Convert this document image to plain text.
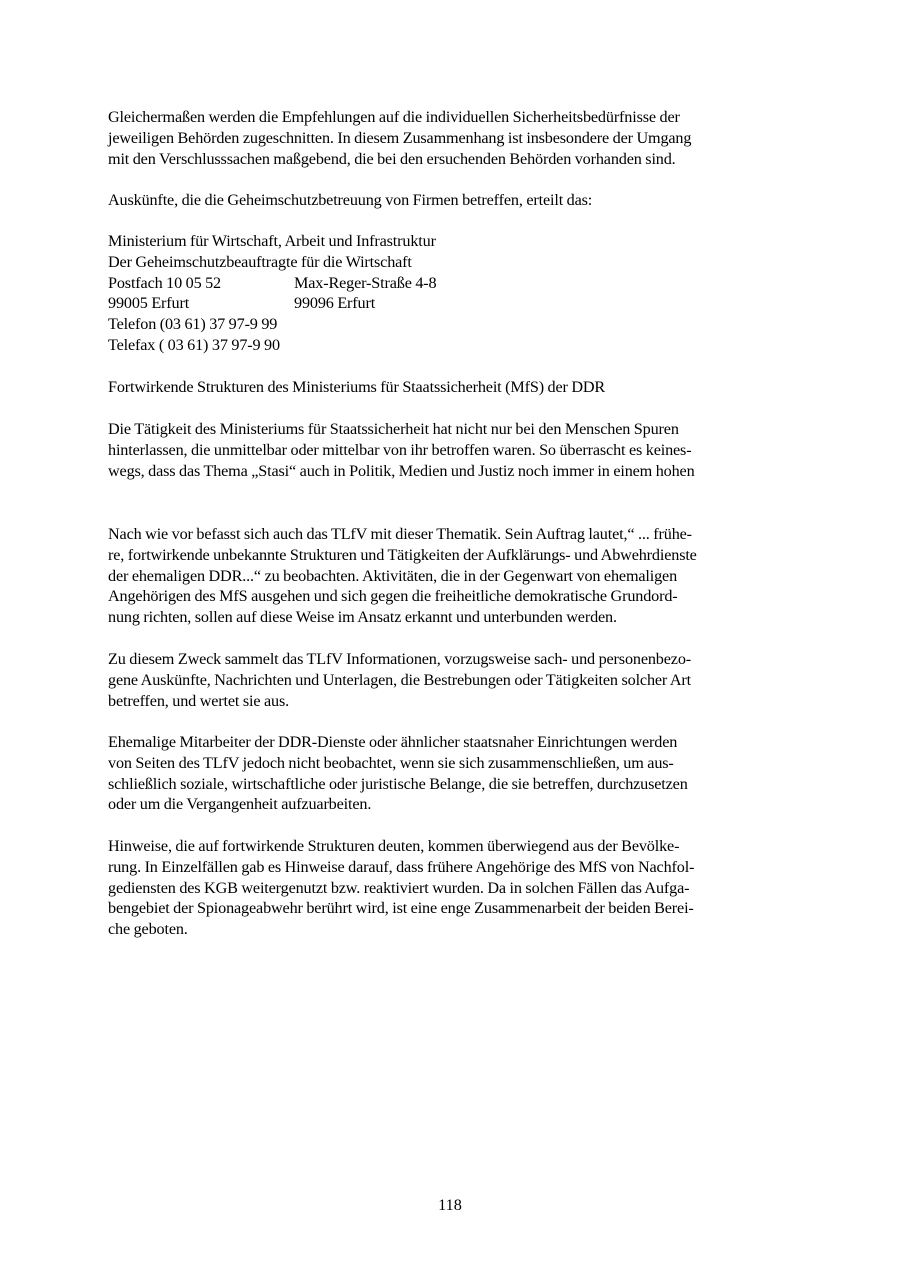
Gleichermaßen werden die Empfehlungen auf die individuellen Sicherheitsbedürfnisse der
jeweiligen Behörden zugeschnitten. In diesem Zusammenhang ist insbesondere der Umgang
mit den Verschlusssachen maßgebend, die bei den ersuchenden Behörden vorhanden sind.
Auskünfte, die die Geheimschutzbetreuung von Firmen betreffen, erteilt das:
Ministerium für Wirtschaft, Arbeit und Infrastruktur
Der Geheimschutzbeauftragte für die Wirtschaft
Postfach 10 05 52	Max-Reger-Straße 4-8
99005 Erfurt	99096 Erfurt
Telefon (03 61) 37 97-9 99
Telefax ( 03 61) 37 97-9 90
Fortwirkende Strukturen des Ministeriums für Staatssicherheit (MfS) der DDR
Die Tätigkeit des Ministeriums für Staatssicherheit hat nicht nur bei den Menschen Spuren
hinterlassen, die unmittelbar oder mittelbar von ihr betroffen waren. So überrascht es keines-
wegs, dass das Thema „Stasi“ auch in Politik, Medien und Justiz noch immer in einem hohen
Nach wie vor befasst sich auch das TLfV mit dieser Thematik. Sein Auftrag lautet,“ ... frühe-
re, fortwirkende unbekannte Strukturen und Tätigkeiten der Aufklärungs- und Abwehrdienste
der ehemaligen DDR...“ zu beobachten. Aktivitäten, die in der Gegenwart von ehemaligen
Angehörigen des MfS ausgehen und sich gegen die freiheitliche demokratische Grundord-
nung richten, sollen auf diese Weise im Ansatz erkannt und unterbunden werden.
Zu diesem Zweck sammelt das TLfV Informationen, vorzugsweise sach- und personenbezo-
gene Auskünfte, Nachrichten und Unterlagen, die Bestrebungen oder Tätigkeiten solcher Art
betreffen, und wertet sie aus.
Ehemalige Mitarbeiter der DDR-Dienste oder ähnlicher staatsnaher Einrichtungen werden
von Seiten des TLfV jedoch nicht beobachtet, wenn sie sich zusammenschließen, um aus-
schließlich soziale, wirtschaftliche oder juristische Belange, die sie betreffen, durchzusetzen
oder um die Vergangenheit aufzuarbeiten.
Hinweise, die auf fortwirkende Strukturen deuten, kommen überwiegend aus der Bevölke-
rung. In Einzelfällen gab es Hinweise darauf, dass frühere Angehörige des MfS von Nachfol-
gediensten des KGB weitergenutzt bzw. reaktiviert wurden. Da in solchen Fällen das Aufga-
bengebiet der Spionageabwehr berührt wird, ist eine enge Zusammenarbeit der beiden Berei-
che geboten.
118
